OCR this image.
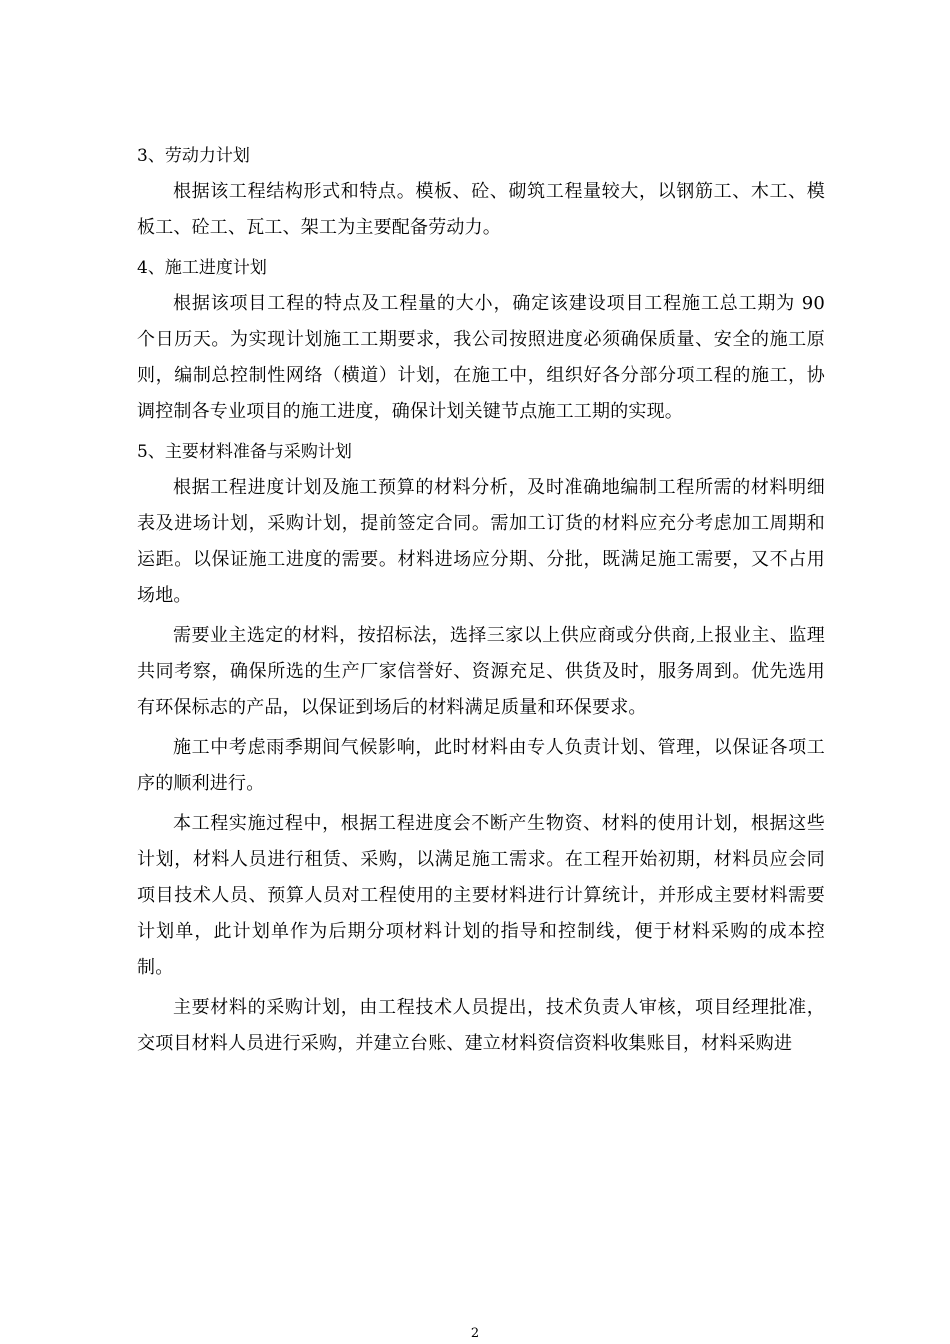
3、劳动力计划

根据该工程结构形式和特点。模板、砼、砌筑工程量较大，以钢筋工、木工、模板工、砼工、瓦工、架工为主要配备劳动力。

4、施工进度计划

根据该项目工程的特点及工程量的大小，确定该建设项目工程施工总工期为 90 个日历天。为实现计划施工工期要求，我公司按照进度必须确保质量、安全的施工原则，编制总控制性网络（横道）计划，在施工中，组织好各分部分项工程的施工，协调控制各专业项目的施工进度，确保计划关键节点施工工期的实现。

5、主要材料准备与采购计划

根据工程进度计划及施工预算的材料分析，及时准确地编制工程所需的材料明细表及进场计划，采购计划，提前签定合同。需加工订货的材料应充分考虑加工周期和运距。以保证施工进度的需要。材料进场应分期、分批，既满足施工需要，又不占用场地。

需要业主选定的材料，按招标法，选择三家以上供应商或分供商,上报业主、监理共同考察，确保所选的生产厂家信誉好、资源充足、供货及时，服务周到。优先选用有环保标志的产品，以保证到场后的材料满足质量和环保要求。

施工中考虑雨季期间气候影响，此时材料由专人负责计划、管理，以保证各项工序的顺利进行。

本工程实施过程中，根据工程进度会不断产生物资、材料的使用计划，根据这些计划，材料人员进行租赁、采购，以满足施工需求。在工程开始初期，材料员应会同项目技术人员、预算人员对工程使用的主要材料进行计算统计，并形成主要材料需要计划单，此计划单作为后期分项材料计划的指导和控制线，便于材料采购的成本控制。

主要材料的采购计划，由工程技术人员提出，技术负责人审核，项目经理批准，交项目材料人员进行采购，并建立台账、建立材料资信资料收集账目，材料采购进

2
